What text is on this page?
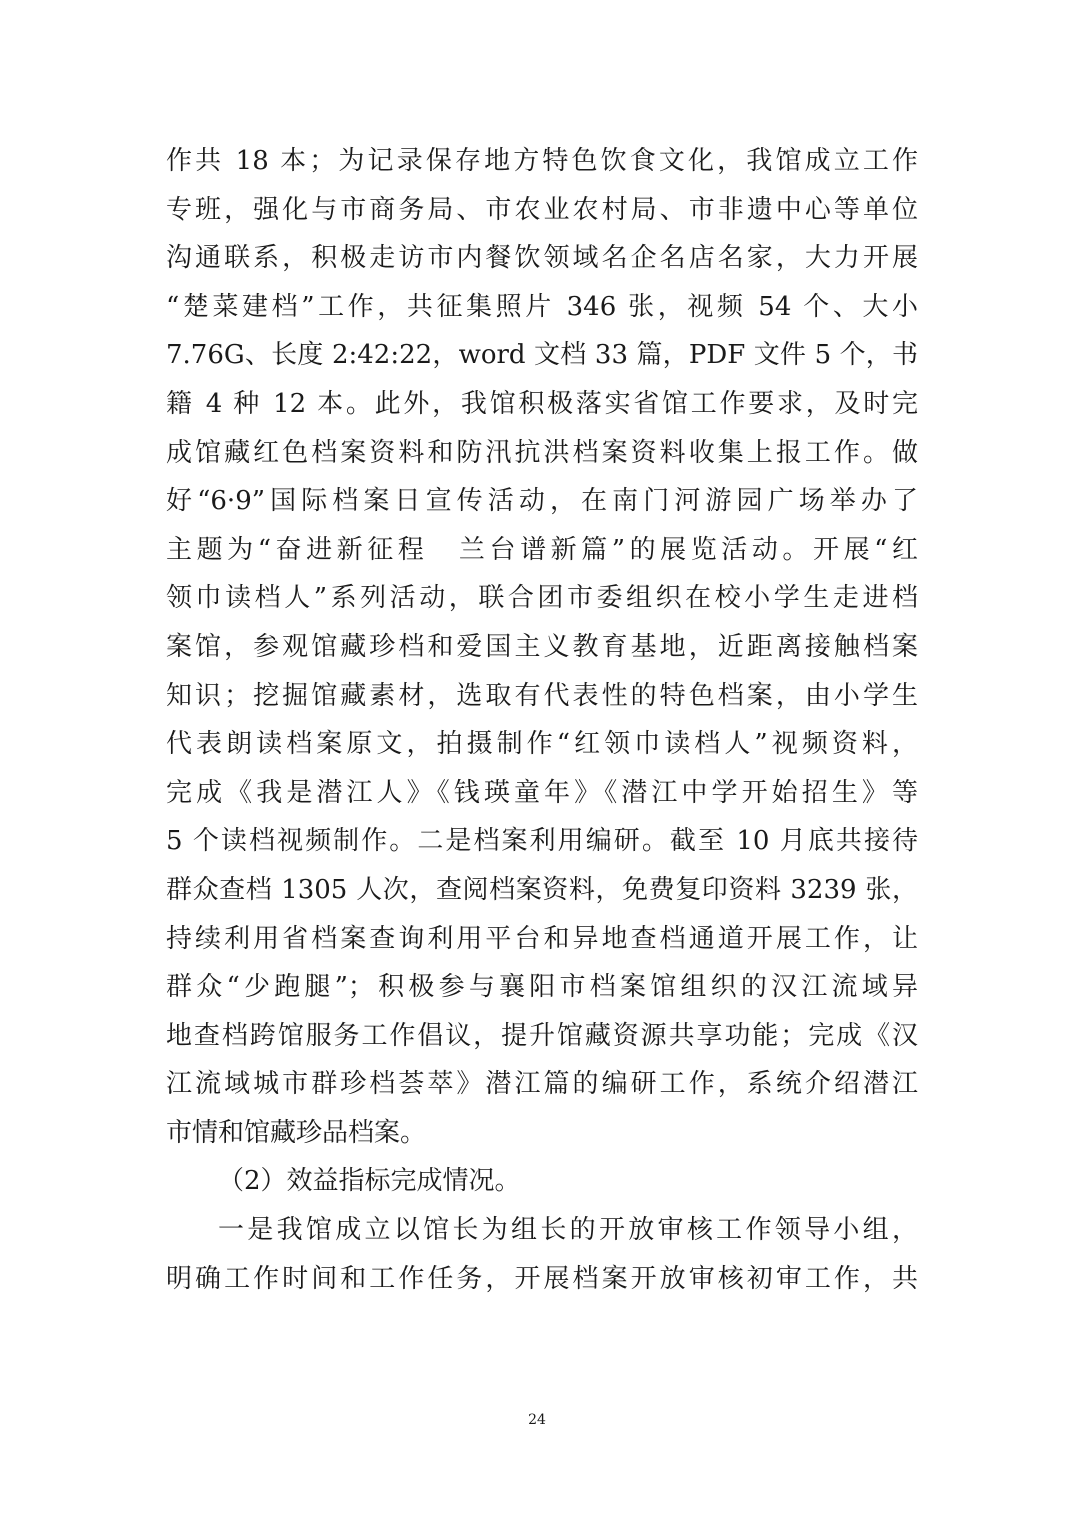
作共 18 本；为记录保存地方特色饮食文化，我馆成立工作
专班，强化与市商务局、市农业农村局、市非遗中心等单位
沟通联系，积极走访市内餐饮领域名企名店名家，大力开展
“楚菜建档”工作，共征集照片 346 张，视频 54 个、大小
7.76G、长度 2:42:22，word 文档 33 篇，PDF 文件 5 个，书
籍 4 种 12 本。此外，我馆积极落实省馆工作要求，及时完
成馆藏红色档案资料和防汛抗洪档案资料收集上报工作。做
好“6·9”国际档案日宣传活动，在南门河游园广场举办了
主题为“奋进新征程　兰台谱新篇”的展览活动。开展“红
领巾读档人”系列活动，联合团市委组织在校小学生走进档
案馆，参观馆藏珍档和爱国主义教育基地，近距离接触档案
知识；挖掘馆藏素材，选取有代表性的特色档案，由小学生
代表朗读档案原文，拍摄制作“红领巾读档人”视频资料，
完成《我是潜江人》《钱瑛童年》《潜江中学开始招生》等
5 个读档视频制作。二是档案利用编研。截至 10 月底共接待
群众查档 1305 人次，查阅档案资料，免费复印资料 3239 张，
持续利用省档案查询利用平台和异地查档通道开展工作，让
群众“少跑腿”；积极参与襄阳市档案馆组织的汉江流域异
地查档跨馆服务工作倡议，提升馆藏资源共享功能；完成《汉
江流域城市群珍档荟萃》潜江篇的编研工作，系统介绍潜江
市情和馆藏珍品档案。
（2）效益指标完成情况。
一是我馆成立以馆长为组长的开放审核工作领导小组，
明确工作时间和工作任务，开展档案开放审核初审工作，共
24
